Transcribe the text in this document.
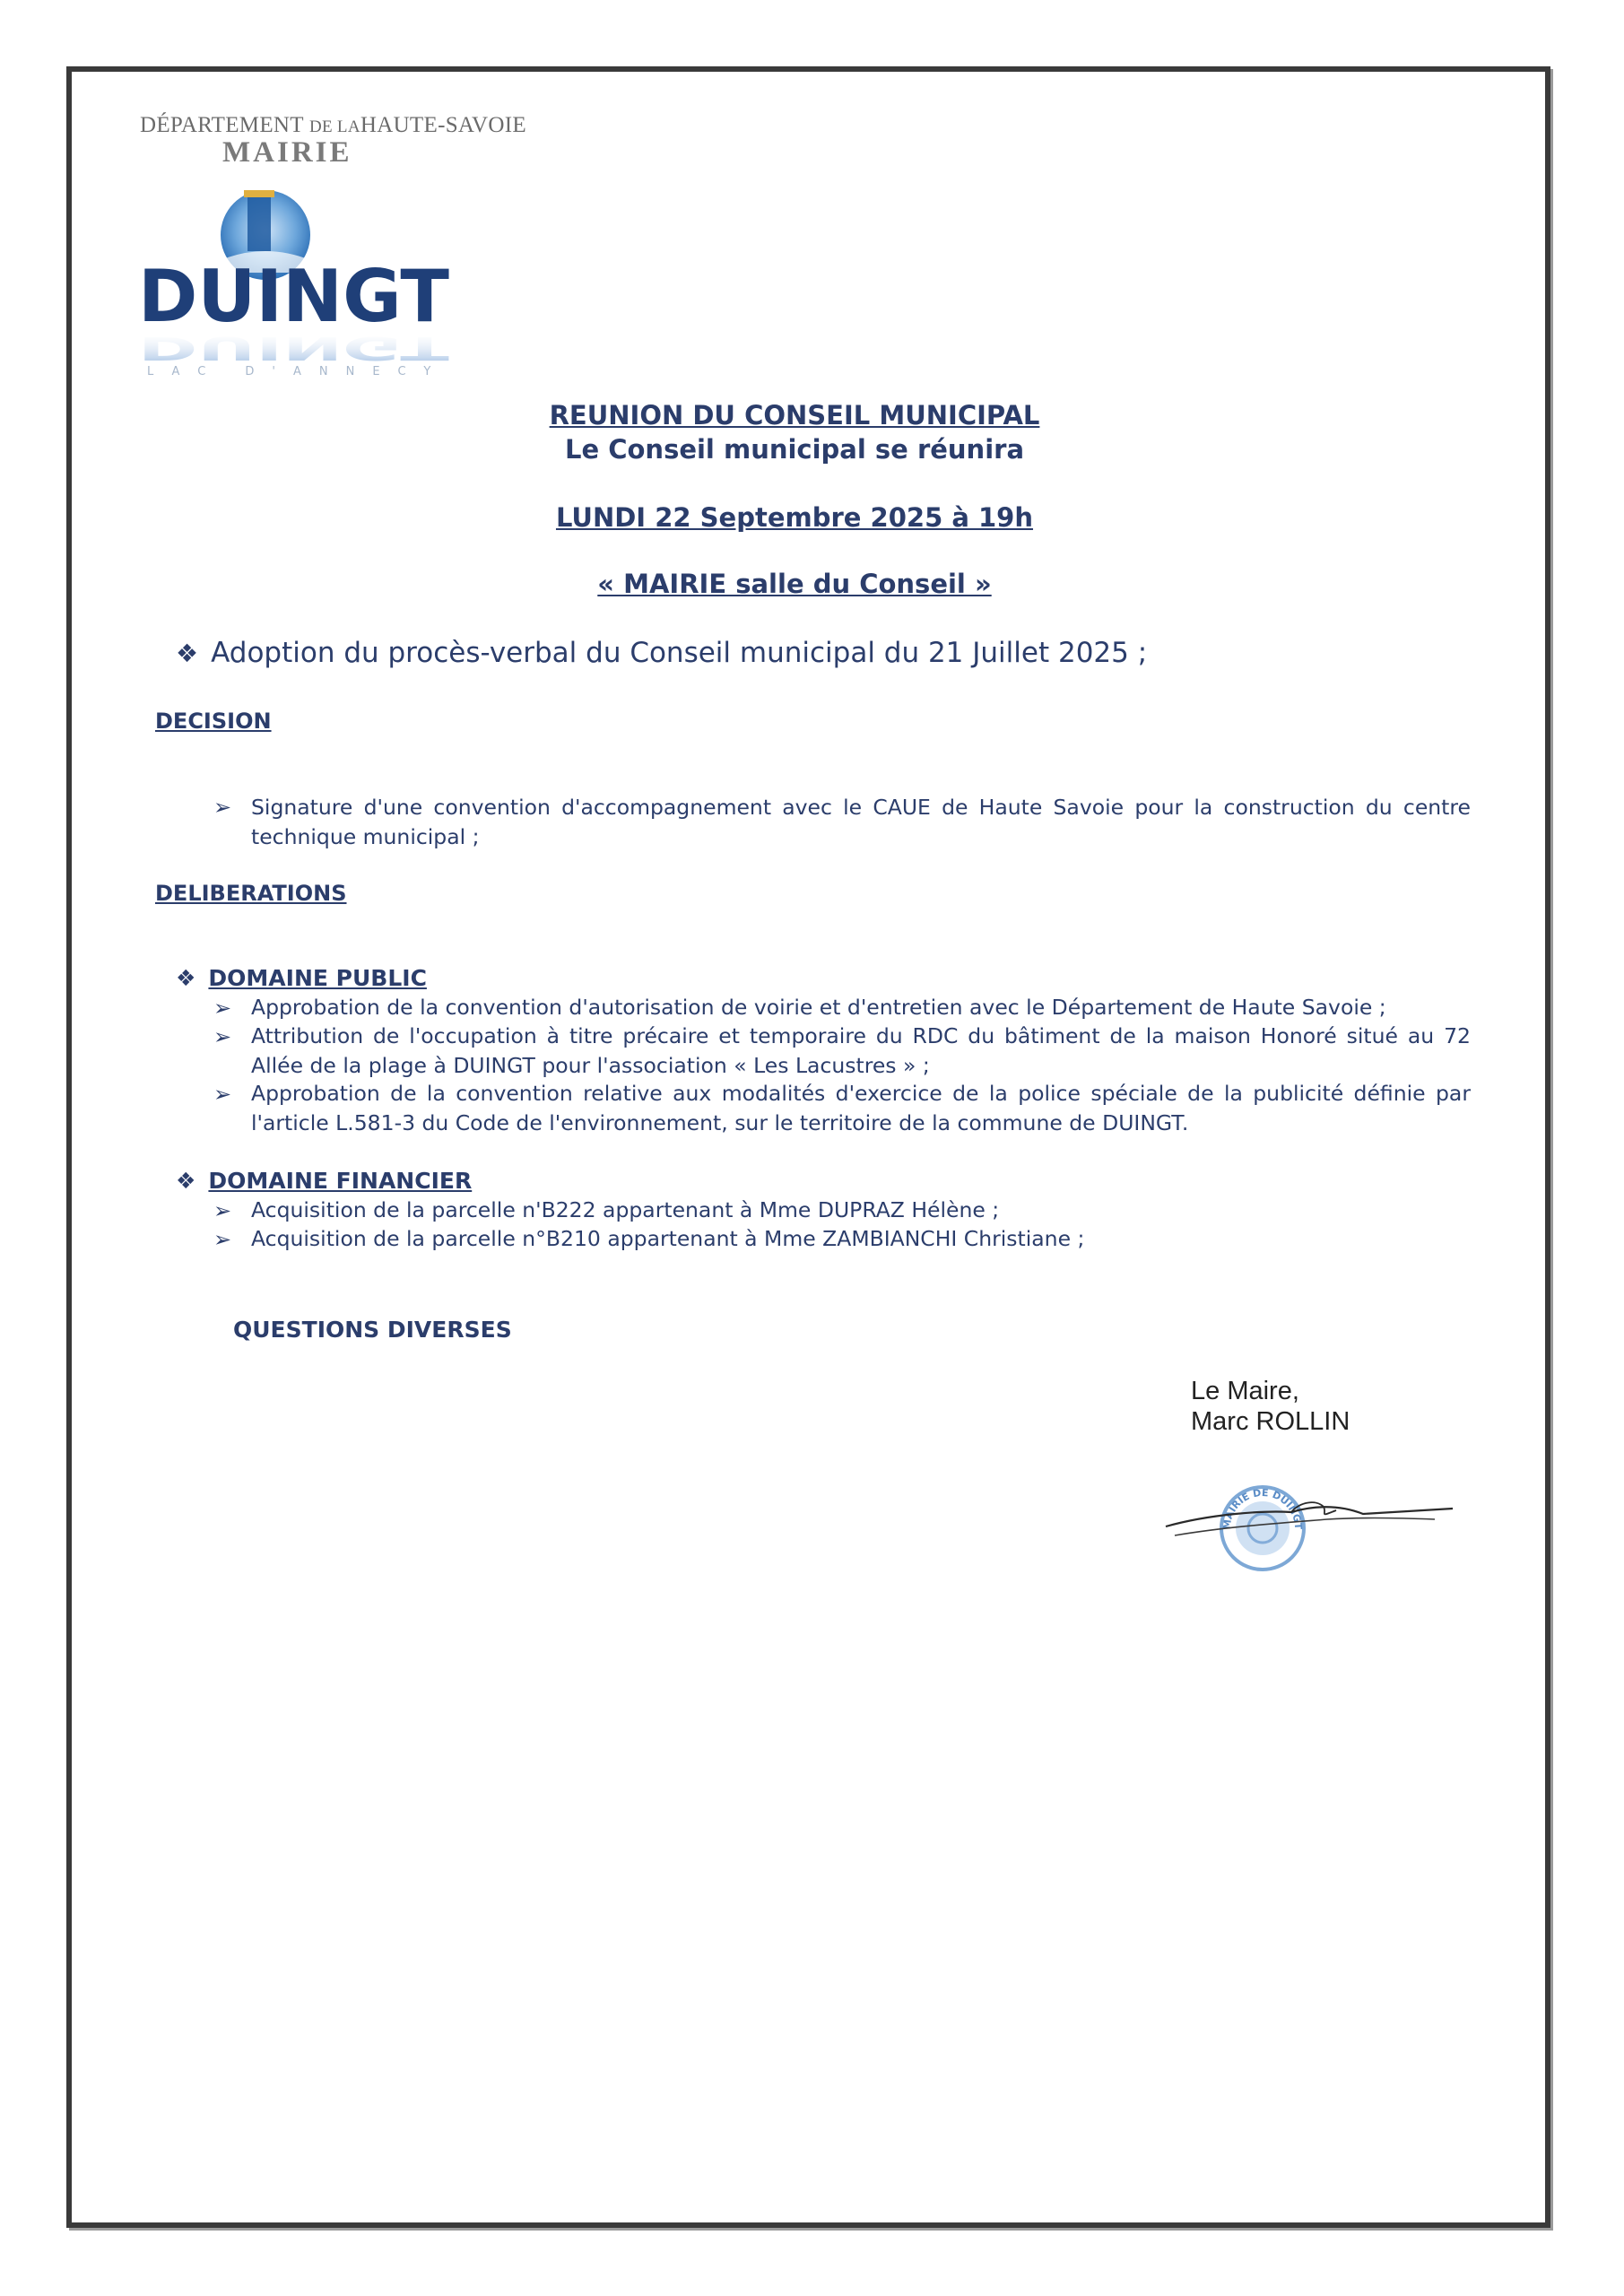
DÉPARTEMENT DE LAHAUTE-SAVOIE
MAIRIE
DUINGT
DUINGT
LAC D'ANNECY
REUNION DU CONSEIL MUNICIPAL
Le Conseil municipal se réunira
LUNDI 22 Septembre 2025 à 19h
« MAIRIE salle du Conseil »
❖ Adoption du procès-verbal du Conseil municipal du 21 Juillet 2025 ;
DECISION
➢ Signature d'une convention d'accompagnement avec le CAUE de Haute Savoie pour la construction du centre technique municipal ;
DELIBERATIONS
❖ DOMAINE PUBLIC
➢ Approbation de la convention d'autorisation de voirie et d'entretien avec le Département de Haute Savoie ;
➢ Attribution de l'occupation à titre précaire et temporaire du RDC du bâtiment de la maison Honoré situé au 72 Allée de la plage à DUINGT pour l'association « Les Lacustres » ;
➢ Approbation de la convention relative aux modalités d'exercice de la police spéciale de la publicité définie par l'article L.581-3 du Code de l'environnement, sur le territoire de la commune de DUINGT.
❖ DOMAINE FINANCIER
➢ Acquisition de la parcelle n'B222 appartenant à Mme DUPRAZ Hélène ;
➢ Acquisition de la parcelle n°B210 appartenant à Mme ZAMBIANCHI Christiane ;
QUESTIONS DIVERSES
Le Maire,
Marc ROLLIN
MAIRIE DE DUINGT
